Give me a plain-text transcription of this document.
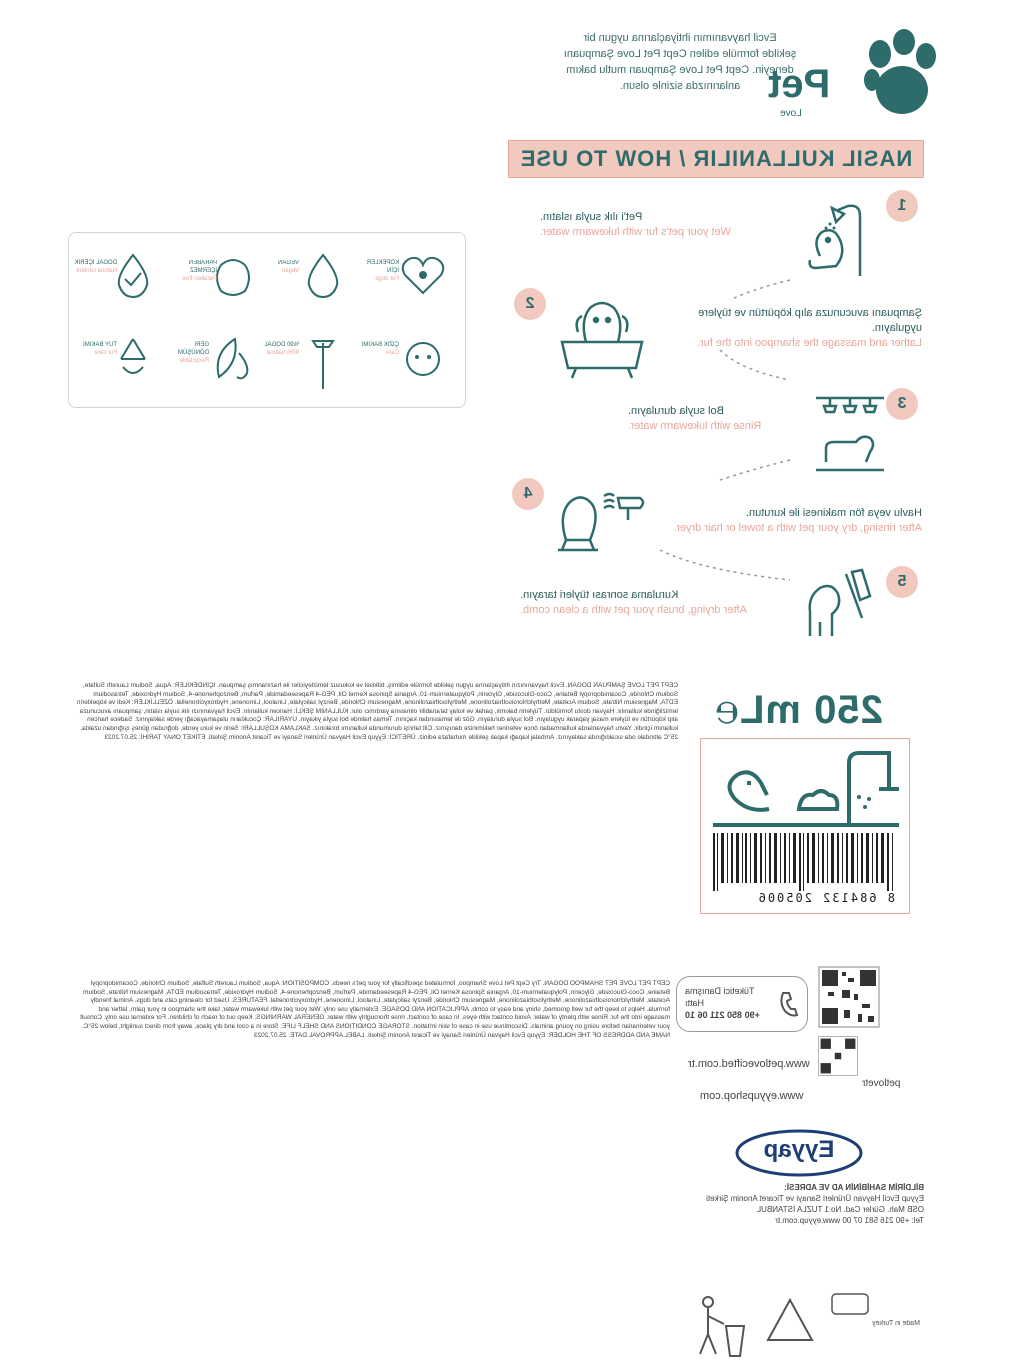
Evcil hayvanımın ihtiyaçlarına uygun bir
şekilde formüle edilen Cept Pet Love Şampuanı
deneyin. Cept Pet Love Şampuan mutlu bakım
anlarınızda sizinle olsun. Pet
Love
NASIL KULLANILIR / HOW TO USE
1
Pet'i ılık suyla ıslatın.
Wet your pet's fur with lukewarm water.
2
Şampuanı avucunuza alıp köpürtün ve tüylere uygulayın.
Lather and massage the shampoo into the fur.
3
Bol suyla durulayın.
Rinse with lukewarm water.
4
Havlu veya fön makinesi ile kurutun.
After rinsing, dry your pet with a towel or hair dryer.
5
Kurulama sonrası tüyleri tarayın.
After drying, brush your pet with a clean comb.
KÖPEKLER İÇİN
For dogs
VEGAN
Vegan
PARABEN İÇERMEZ
Paraben free
DOĞAL İÇERİK
Natural content
ÇİZİK BAKIMI
Care
%90 DOĞAL
90% natural
GERİ DÖNÜŞÜM
Recyclable
TÜY BAKIMI
Fur care
250 mL℮
8 684132 205006
CEPT PET LOVE ŞAMPUAN DOĞAN. Evcil hayvanınızın ihtiyaçlarına uygun şekilde formüle edilmiş, bitkisel ve kokusuz temizleyiciler ile hazırlanmış şampuan. İÇİNDEKİLER: Aqua, Sodium Laureth Sulfate, Sodium Chloride, Cocamidopropyl Betaine, Coco-Glucoside, Glycerin, Polyquaternium-10, Argania Spinosa Kernel Oil, PEG-4 Rapeseedamide, Parfum, Benzophenone-4, Sodium Hydroxide, Tetrasodium EDTA, Magnesium Nitrate, Sodium Acetate, Methylchloroisothiazolinone, Methylisothiazolinone, Magnesium Chloride, Benzyl salicylate, Linalool, Limonene, Hydroxycitronellal. ÖZELLİKLER: Kedi ve köpeklerin temizliğinde kullanılır. Hayvan dostu formüldür. Tüylerin bakımlı, parlak ve kolay taranabilir olmasına yardımcı olur. KULLANIM ŞEKLİ: Haricen kullanılır. Evcil hayvanınızı ılık suyla ıslatın, şampuanı avucunuza alıp köpürtün ve tüylere masaj yaparak uygulayın. Bol suyla durulayın. Göz ile temasından kaçının. Temas halinde bol suyla yıkayın. UYARILAR: Çocukların ulaşamayacağı yerde saklayınız. Sadece haricen kullanım içindir. Yavru hayvanlarda kullanmadan önce veteriner hekiminize danışınız. Cilt tahrişi durumunda kullanımı bırakınız. SAKLAMA KOŞULLARI: Serin ve kuru yerde, doğrudan güneş ışığından uzakta, 25°C altındaki oda sıcaklığında saklayınız. Ambalaj kapağı kapalı şekilde muhafaza ediniz. ÜRETİCİ: Eyyup Evcil Hayvan Ürünleri Sanayi ve Ticaret Anonim Şirketi. ETİKET ONAY TARİHİ: 25.07.2023
CEPT PET LOVE PET SHAMPOO DOĞAN. Try Cept Pet Love Shampoo, formulated specifically for your pet's needs. COMPOSITION: Aqua, Sodium Laureth Sulfate, Sodium Chloride, Cocamidopropyl Betaine, Coco-Glucoside, Glycerin, Polyquaternium-10, Argania Spinosa Kernel Oil, PEG-4 Rapeseedamide, Parfum, Benzophenone-4, Sodium Hydroxide, Tetrasodium EDTA, Magnesium Nitrate, Sodium Acetate, Methylchloroisothiazolinone, Methylisothiazolinone, Magnesium Chloride, Benzyl salicylate, Linalool, Limonene, Hydroxycitronellal. FEATURES: Used for cleaning cats and dogs. Animal friendly formula. Helps to keep the fur well groomed, shiny and easy to comb. APPLICATION AND DOSAGE: Externally use only. Wet your pet with lukewarm water, take the shampoo in your palm, lather and massage into the fur. Rinse with plenty of water. Avoid contact with eyes. In case of contact, rinse thoroughly with water. GENERAL WARNINGS: Keep out of reach of children. For external use only. Consult your veterinarian before using on young animals. Discontinue use in case of skin irritation. STORAGE CONDITIONS AND SHELF LIFE: Store in a cool and dry place, away from direct sunlight, below 25°C. NAME AND ADDRESS OF THE HOLDER: Eyyup Evcil Hayvan Ürünleri Sanayi ve Ticaret Anonim Şirketi. LABEL APPROVAL DATE: 25.07.2023
Tüketici Danışma Hattı
+90 850 211 06 10
www.petlovecifted.com.tr
www.eyyupshop.com
petlovetr
Eyyap
BİLDİRİM SAHİBİNİN AD VE ADRESİ:
Eyyup Evcil Hayvan Ürünleri Sanayi ve Ticaret Anonim Şirketi
OSB Mah. Gürler Cad. No:1 TUZLA İSTANBUL
Tel: +90 216 581 07 00 www.eyyup.com.tr
Made in Turkey
